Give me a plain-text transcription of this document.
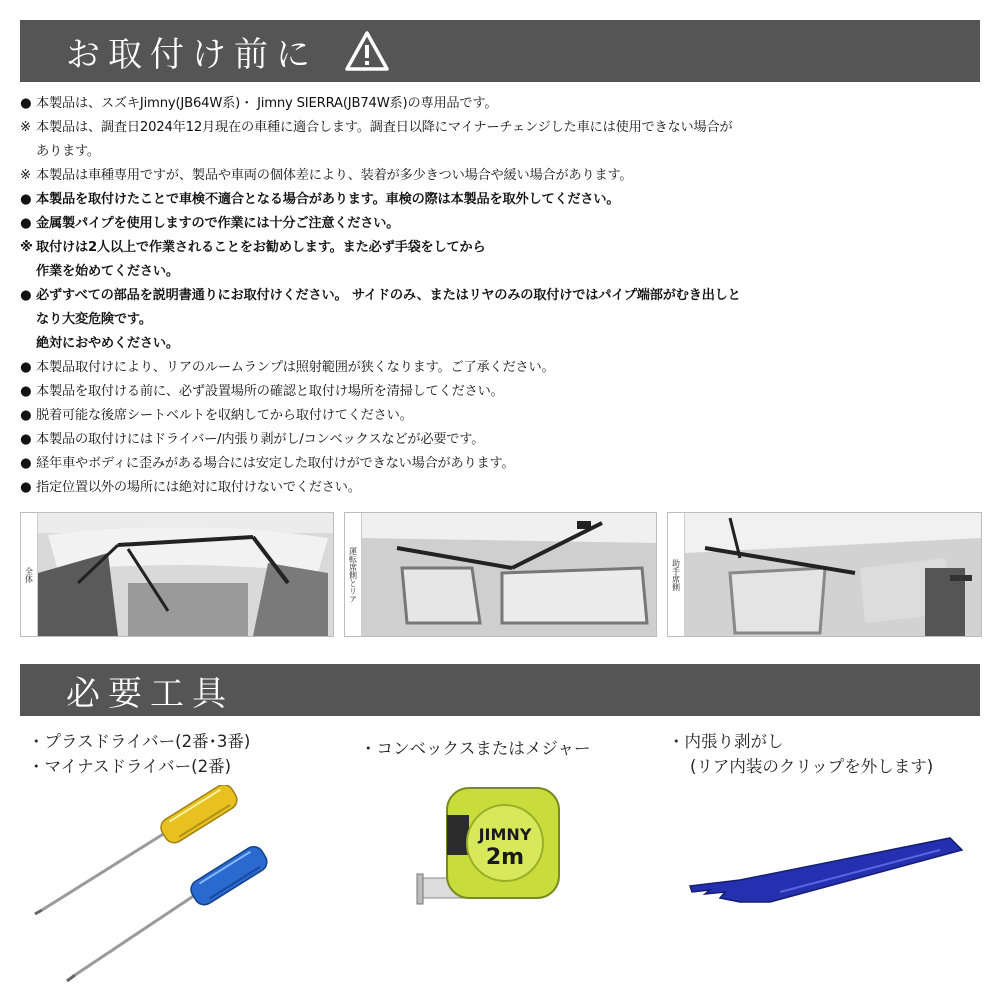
お取付け前に
● 本製品は、スズキJimny(JB64W系)・ Jimny SIERRA(JB74W系)の専用品です。
※ 本製品は、調査日2024年12月現在の車種に適合します。調査日以降にマイナーチェンジした車には使用できない場合が
あります。
※ 本製品は車種専用ですが、製品や車両の個体差により、装着が多少きつい場合や緩い場合があります。
● 本製品を取付けたことで車検不適合となる場合があります。車検の際は本製品を取外してください。
● 金属製パイプを使用しますので作業には十分ご注意ください。
※ 取付けは2人以上で作業されることをお勧めします。また必ず手袋をしてから
作業を始めてください。
● 必ずすべての部品を説明書通りにお取付けください。 サイドのみ、またはリヤのみの取付けではパイプ端部がむき出しと
なり大変危険です。
絶対におやめください。
● 本製品取付けにより、リアのルームランプは照射範囲が狭くなります。ご了承ください。
● 本製品を取付ける前に、必ず設置場所の確認と取付け場所を清掃してください。
● 脱着可能な後席シートベルトを収納してから取付けてください。
● 本製品の取付けにはドライバー/内張り剥がし/コンベックスなどが必要です。
● 経年車やボディに歪みがある場合には安定した取付けができない場合があります。
● 指定位置以外の場所には絶対に取付けないでください。
全体	運転席側とリア	助手席側
必要工具
・プラスドライバー(2番･3番)
・マイナスドライバー(2番)
・コンベックスまたはメジャー	・内張り剥がし
(リア内装のクリップを外します)
JIMNY
2m
